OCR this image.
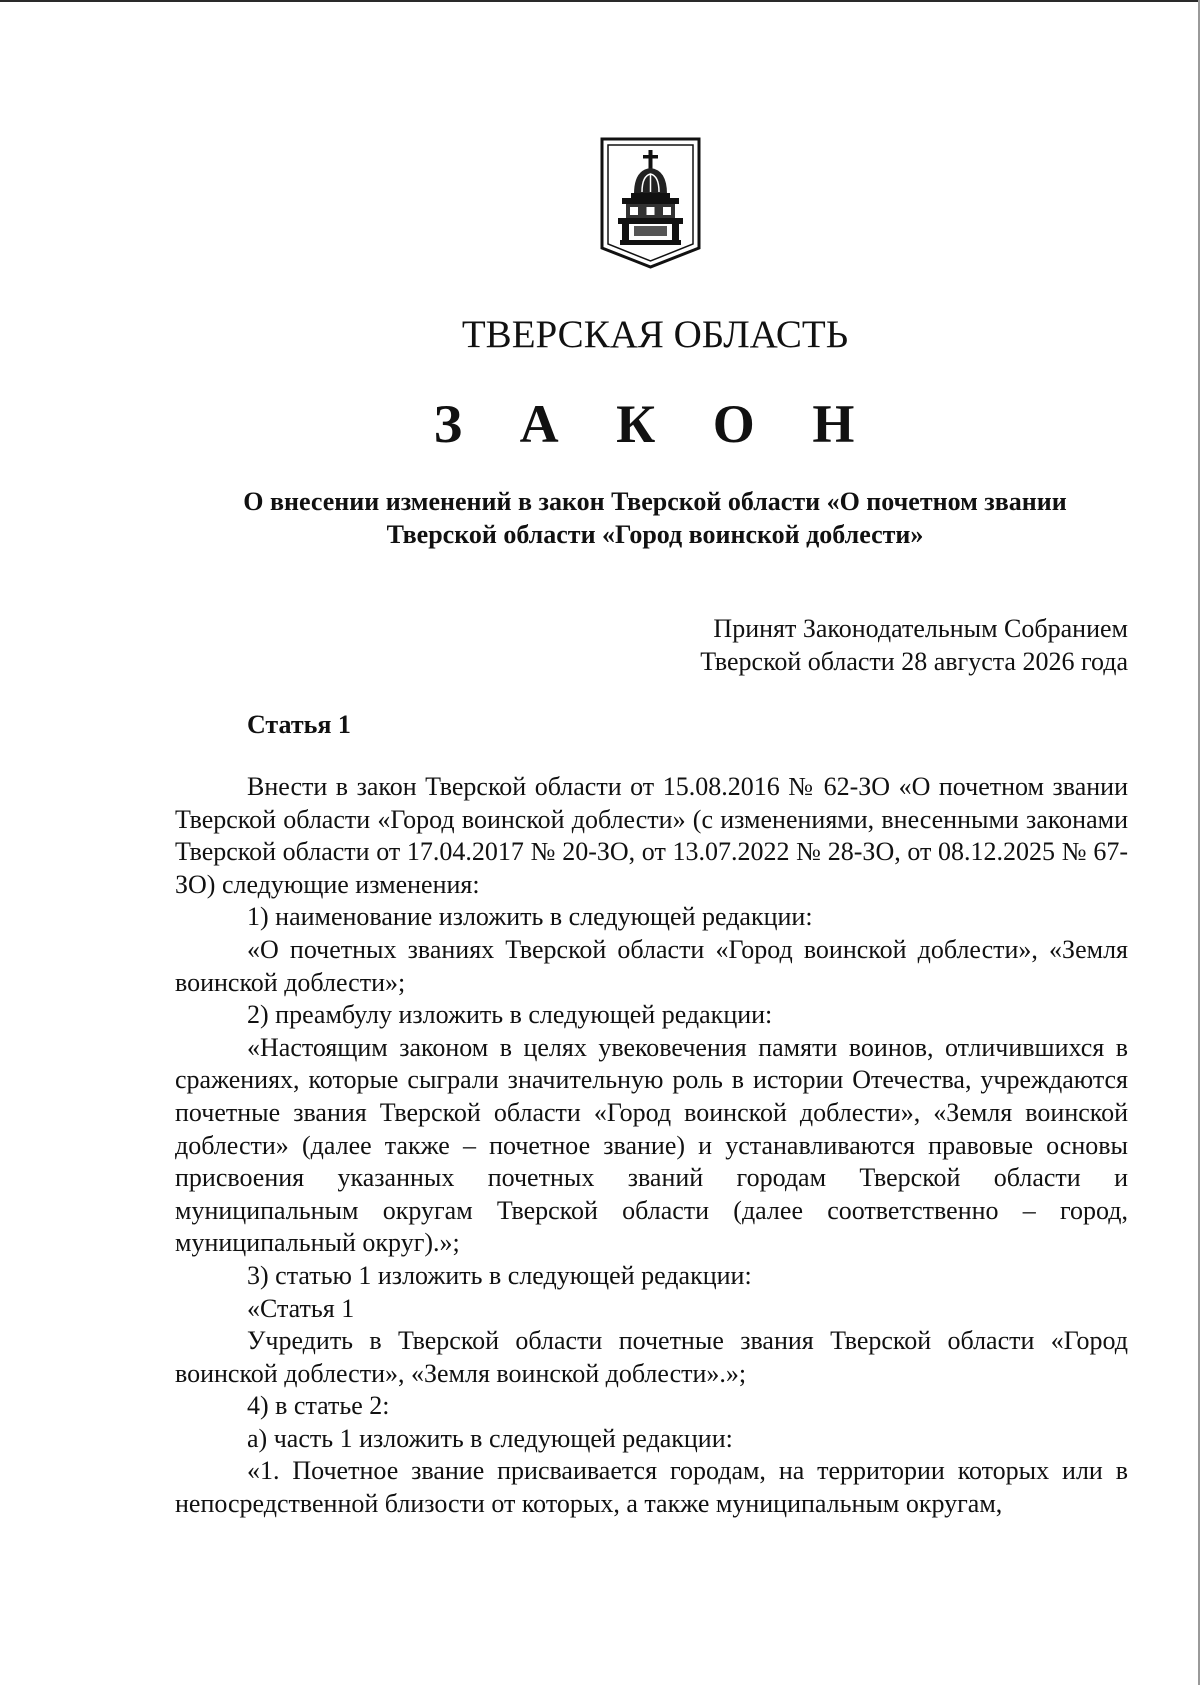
ТВЕРСКАЯ ОБЛАСТЬ
З А К О Н
О внесении изменений в закон Тверской области «О почетном звании
Тверской области «Город воинской доблести»
Принят Законодательным Собранием
Тверской области 28 августа 2026 года
Статья 1

Внести в закон Тверской области от 15.08.2016 № 62-ЗО «О почетном звании Тверской области «Город воинской доблести» (с изменениями, внесенными законами Тверской области от 17.04.2017 № 20-ЗО, от 13.07.2022 № 28-ЗО, от 08.12.2025 № 67-ЗО) следующие изменения:

1) наименование изложить в следующей редакции:

«О почетных званиях Тверской области «Город воинской доблести», «Земля воинской доблести»;

2) преамбулу изложить в следующей редакции:

«Настоящим законом в целях увековечения памяти воинов, отличившихся в сражениях, которые сыграли значительную роль в истории Отечества, учреждаются почетные звания Тверской области «Город воинской доблести», «Земля воинской доблести» (далее также – почетное звание) и устанавливаются правовые основы присвоения указанных почетных званий городам Тверской области и муниципальным округам Тверской области (далее соответственно – город, муниципальный округ).»;

3) статью 1 изложить в следующей редакции:

«Статья 1

Учредить в Тверской области почетные звания Тверской области «Город воинской доблести», «Земля воинской доблести».»;

4) в статье 2:

а) часть 1 изложить в следующей редакции:

«1. Почетное звание присваивается городам, на территории которых или в непосредственной близости от которых, а также муниципальным округам,
